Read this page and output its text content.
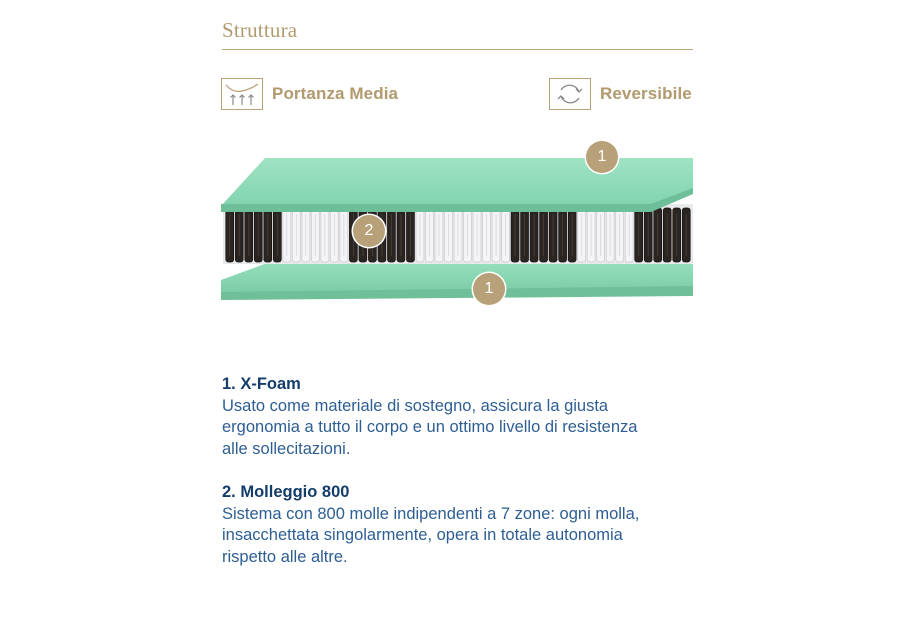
Struttura
Portanza Media	Reversibile
1
2
1
1. X-Foam
Usato come materiale di sostegno, assicura la giusta
ergonomia a tutto il corpo e un ottimo livello di resistenza
alle sollecitazioni.
2. Molleggio 800
Sistema con 800 molle indipendenti a 7 zone: ogni molla,
insacchettata singolarmente, opera in totale autonomia
rispetto alle altre.
